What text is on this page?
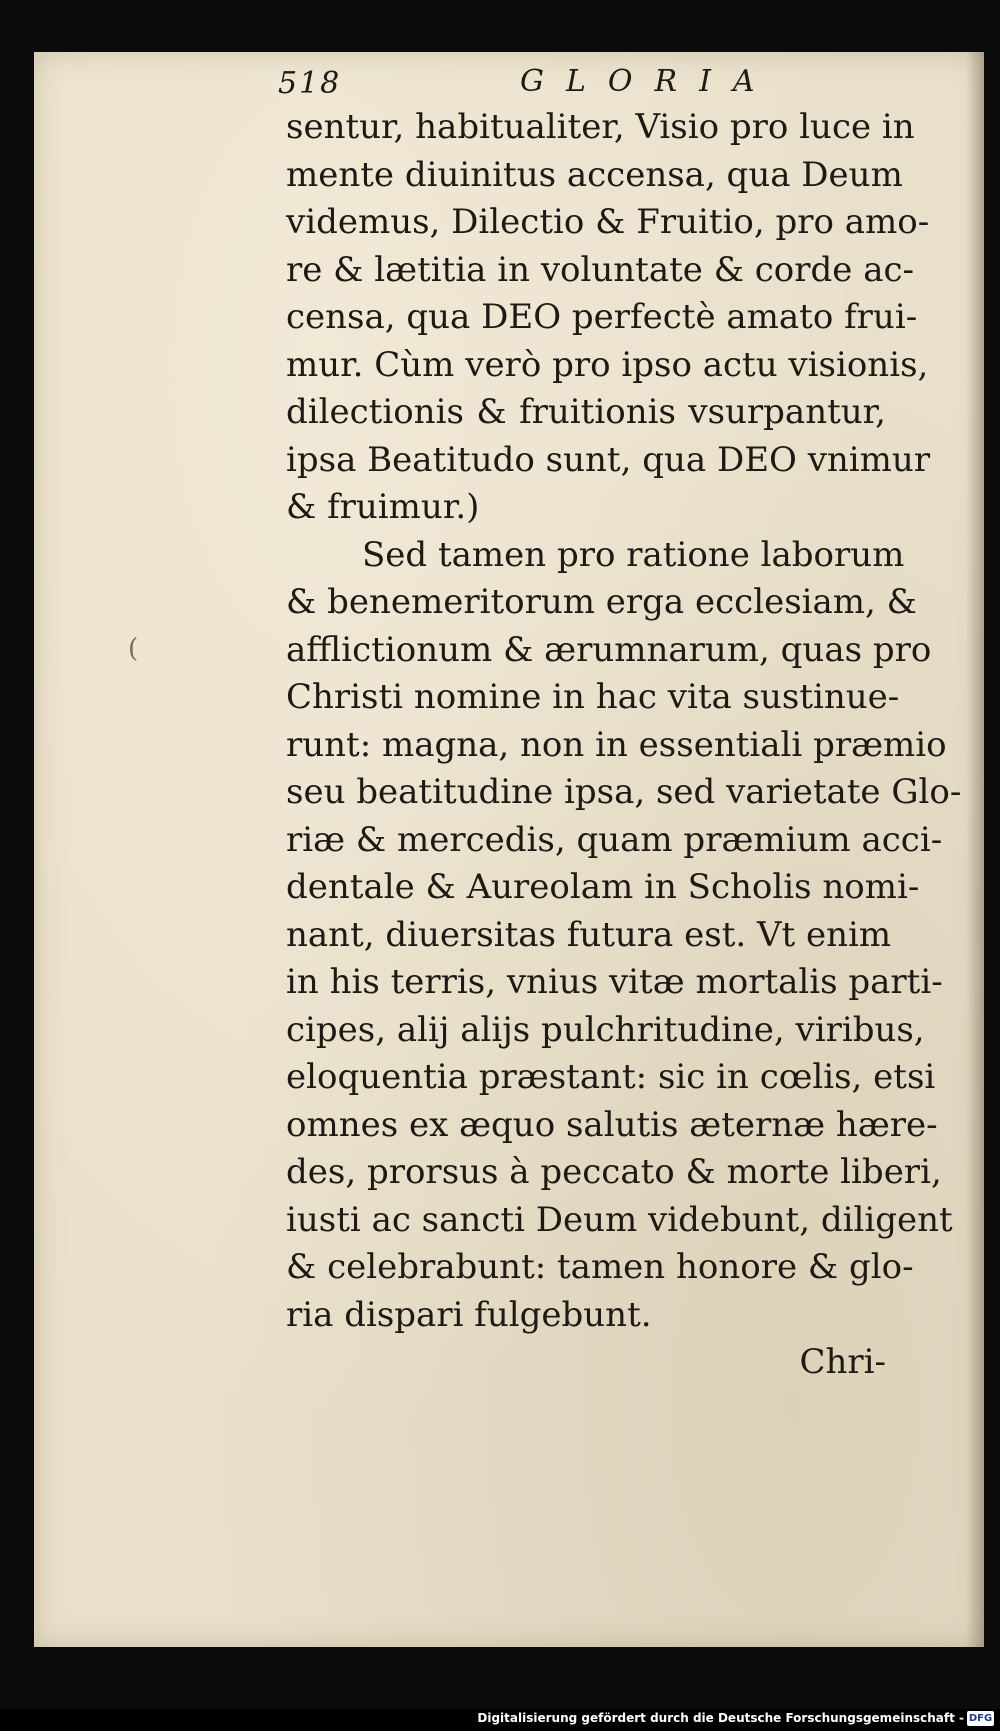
(
518	GLORIA
sentur, habitualiter, Visio pro luce in
mente diuinitus accensa, qua Deum
videmus, Dilectio & Fruitio, pro amo-
re & lætitia in voluntate & corde ac-
censa, qua DEO perfectè amato frui-
mur. Cùm verò pro ipso actu visionis,
dilectionis & fruitionis vsurpantur,
ipsa Beatitudo sunt, qua DEO vnimur
& fruimur.)
Sed tamen pro ratione laborum
& benemeritorum erga ecclesiam, &
afflictionum & ærumnarum, quas pro
Christi nomine in hac vita sustinue-
runt: magna, non in essentiali præmio
seu beatitudine ipsa, sed varietate Glo-
riæ & mercedis, quam præmium acci-
dentale & Aureolam in Scholis nomi-
nant, diuersitas futura est. Vt enim
in his terris, vnius vitæ mortalis parti-
cipes, alij alijs pulchritudine, viribus,
eloquentia præstant: sic in cœlis, etsi
omnes ex æquo salutis æternæ hære-
des, prorsus à peccato & morte liberi,
iusti ac sancti Deum videbunt, diligent
& celebrabunt: tamen honore & glo-
ria dispari fulgebunt.
Chri-
Digitalisierung gefördert durch die Deutsche Forschungsgemeinschaft - DFG
